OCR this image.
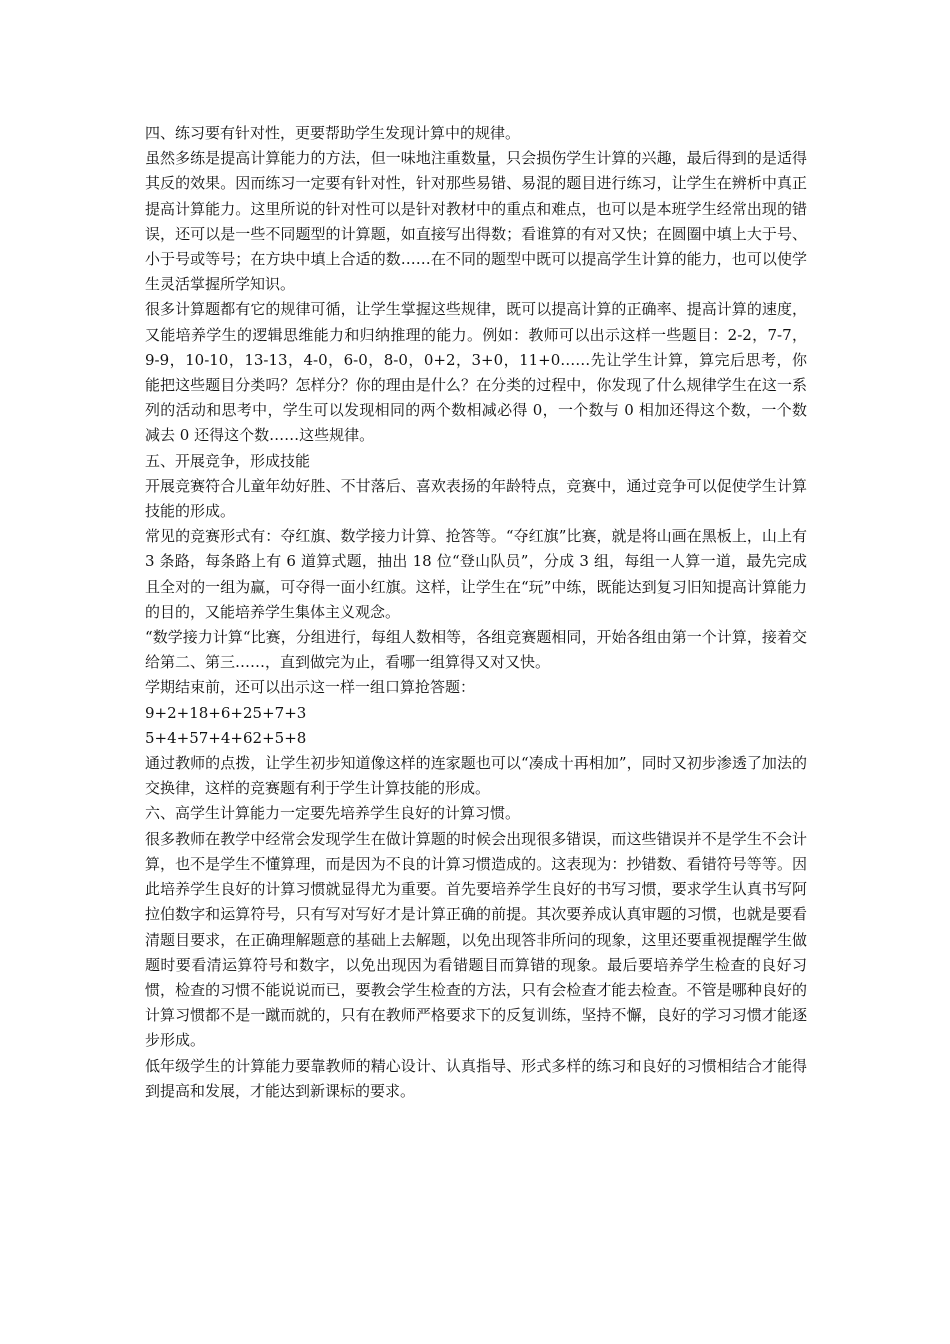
四、练习要有针对性，更要帮助学生发现计算中的规律。

虽然多练是提高计算能力的方法，但一味地注重数量，只会损伤学生计算的兴趣，最后得到的是适得其反的效果。因而练习一定要有针对性，针对那些易错、易混的题目进行练习，让学生在辨析中真正提高计算能力。这里所说的针对性可以是针对教材中的重点和难点，也可以是本班学生经常出现的错误，还可以是一些不同题型的计算题，如直接写出得数；看谁算的有对又快；在圆圈中填上大于号、小于号或等号；在方块中填上合适的数……在不同的题型中既可以提高学生计算的能力，也可以使学生灵活掌握所学知识。

很多计算题都有它的规律可循，让学生掌握这些规律，既可以提高计算的正确率、提高计算的速度，又能培养学生的逻辑思维能力和归纳推理的能力。例如：教师可以出示这样一些题目：2-2，7-7，9-9，10-10，13-13，4-0，6-0，8-0，0+2，3+0，11+0……先让学生计算，算完后思考，你能把这些题目分类吗？怎样分？你的理由是什么？在分类的过程中，你发现了什么规律学生在这一系列的活动和思考中，学生可以发现相同的两个数相减必得 0，一个数与 0 相加还得这个数，一个数减去 0 还得这个数……这些规律。

五、开展竞争，形成技能

开展竞赛符合儿童年幼好胜、不甘落后、喜欢表扬的年龄特点，竞赛中，通过竞争可以促使学生计算技能的形成。

常见的竞赛形式有：夺红旗、数学接力计算、抢答等。“夺红旗”比赛，就是将山画在黑板上，山上有 3 条路，每条路上有 6 道算式题，抽出 18 位“登山队员”，分成 3 组，每组一人算一道，最先完成且全对的一组为赢，可夺得一面小红旗。这样，让学生在“玩”中练，既能达到复习旧知提高计算能力的目的，又能培养学生集体主义观念。

“数学接力计算“比赛，分组进行，每组人数相等，各组竞赛题相同，开始各组由第一个计算，接着交给第二、第三……，直到做完为止，看哪一组算得又对又快。

学期结束前，还可以出示这一样一组口算抢答题：

9+2+18+6+25+7+3

5+4+57+4+62+5+8

通过教师的点拨，让学生初步知道像这样的连家题也可以“凑成十再相加”，同时又初步渗透了加法的交换律，这样的竞赛题有利于学生计算技能的形成。

六、高学生计算能力一定要先培养学生良好的计算习惯。

很多教师在教学中经常会发现学生在做计算题的时候会出现很多错误，而这些错误并不是学生不会计算，也不是学生不懂算理，而是因为不良的计算习惯造成的。这表现为：抄错数、看错符号等等。因此培养学生良好的计算习惯就显得尤为重要。首先要培养学生良好的书写习惯，要求学生认真书写阿拉伯数字和运算符号，只有写对写好才是计算正确的前提。其次要养成认真审题的习惯，也就是要看清题目要求，在正确理解题意的基础上去解题，以免出现答非所问的现象，这里还要重视提醒学生做题时要看清运算符号和数字，以免出现因为看错题目而算错的现象。最后要培养学生检查的良好习惯，检查的习惯不能说说而已，要教会学生检查的方法，只有会检查才能去检查。不管是哪种良好的计算习惯都不是一蹴而就的，只有在教师严格要求下的反复训练，坚持不懈，良好的学习习惯才能逐步形成。

低年级学生的计算能力要靠教师的精心设计、认真指导、形式多样的练习和良好的习惯相结合才能得到提高和发展，才能达到新课标的要求。
